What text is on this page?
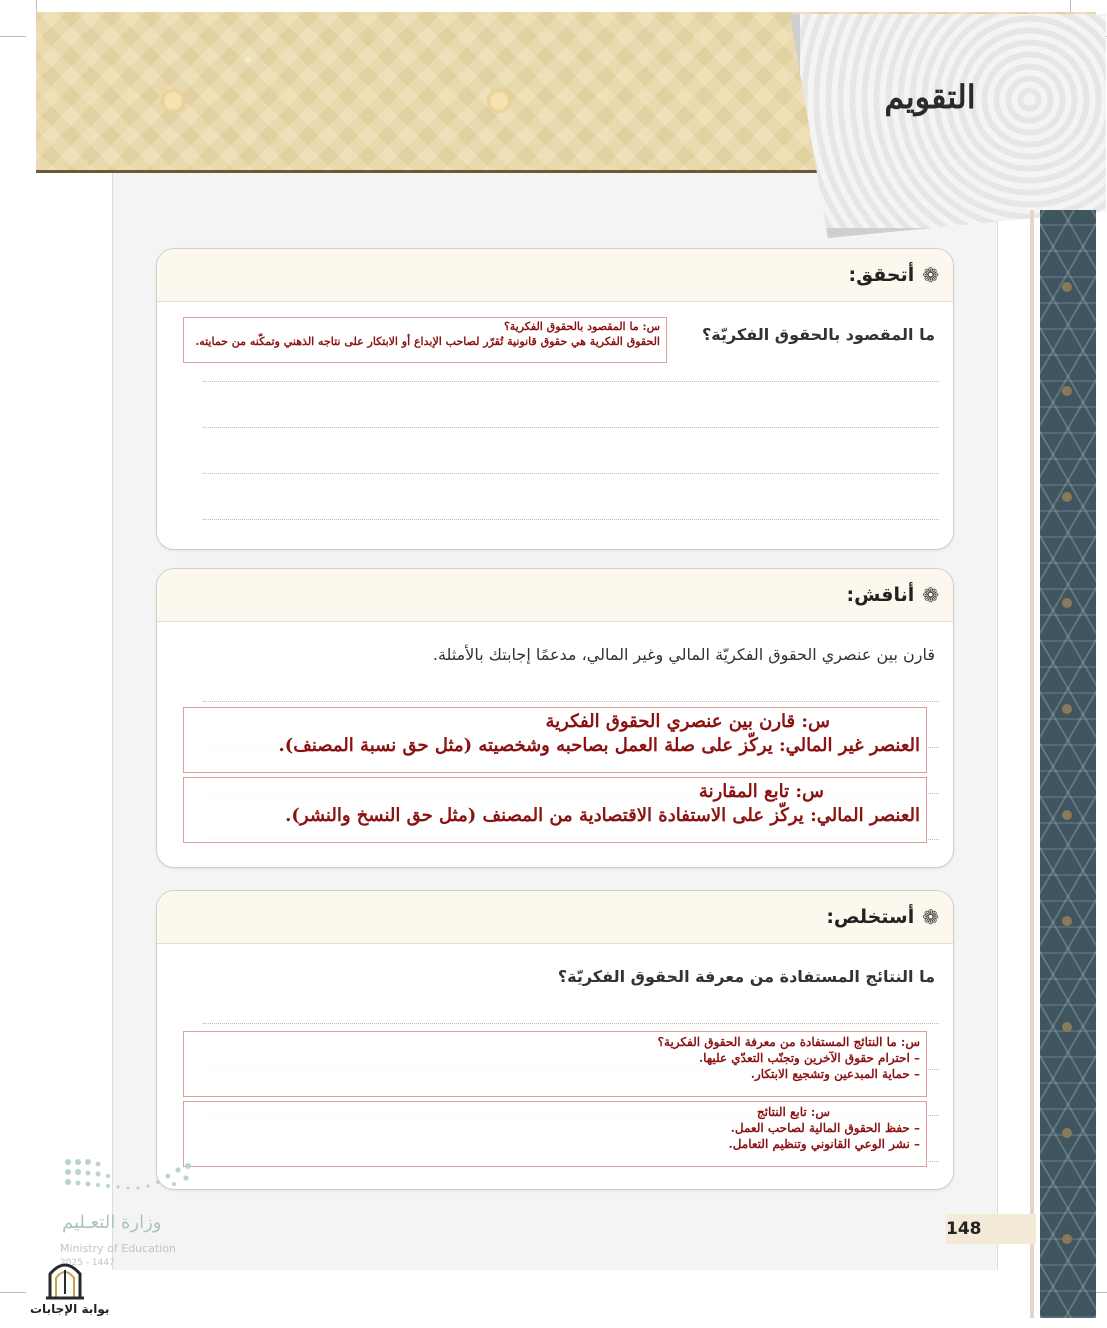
التقويم
❁
أتحقق:
ما المقصود بالحقوق الفكريّة؟
س: ما المقصود بالحقوق الفكرية؟
الحقوق الفكرية هي حقوق قانونية تُقرّر لصاحب الإبداع أو الابتكار على نتاجه الذهني وتمكّنه من حمايته.
❁
أناقش:
قارن بين عنصري الحقوق الفكريّة المالي وغير المالي، مدعمًا إجابتك بالأمثلة.
س: قارن بين عنصري الحقوق الفكرية
العنصر غير المالي: يركّز على صلة العمل بصاحبه وشخصيته (مثل حق نسبة المصنف).
س: تابع المقارنة
العنصر المالي: يركّز على الاستفادة الاقتصادية من المصنف (مثل حق النسخ والنشر).
❁
أستخلص:
ما النتائج المستفادة من معرفة الحقوق الفكريّة؟
س: ما النتائج المستفادة من معرفة الحقوق الفكرية؟
– احترام حقوق الآخرين وتجنّب التعدّي عليها.
– حماية المبدعين وتشجيع الابتكار.
س: تابع النتائج
– حفظ الحقوق المالية لصاحب العمل.
– نشر الوعي القانوني وتنظيم التعامل.
148
وزارة التعـليم
Ministry of Education
2025 - 1447
بوابة الإجابات
